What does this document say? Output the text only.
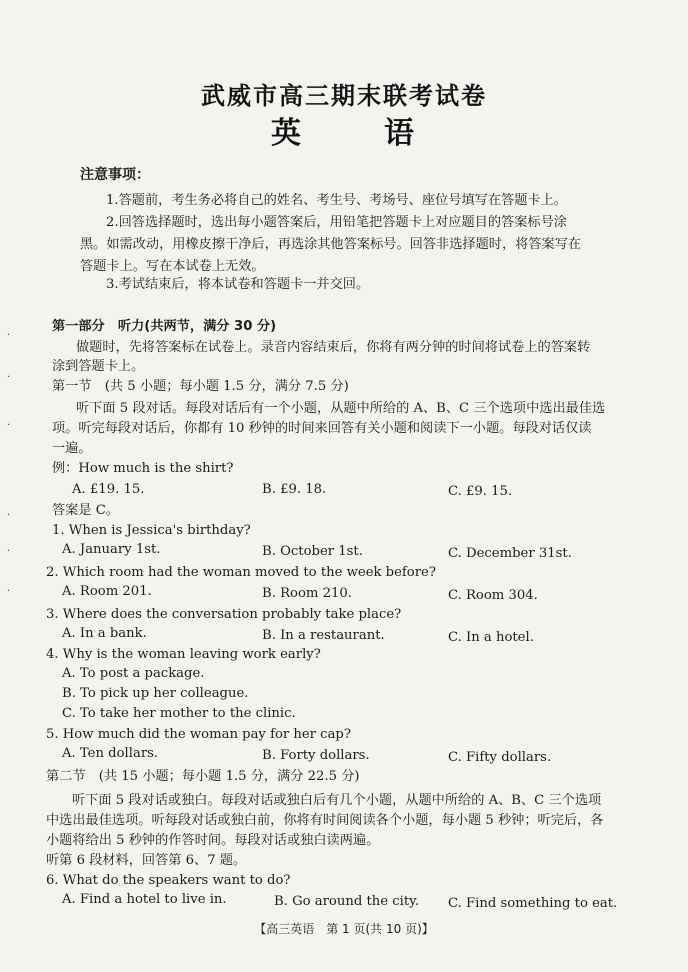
武威市高三期末联考试卷
英	语
注意事项：
1.答题前，考生务必将自己的姓名、考生号、考场号、座位号填写在答题卡上。
2.回答选择题时，选出每小题答案后，用铅笔把答题卡上对应题目的答案标号涂
黑。如需改动，用橡皮擦干净后，再选涂其他答案标号。回答非选择题时，将答案写在
答题卡上。写在本试卷上无效。
3.考试结束后，将本试卷和答题卡一并交回。
第一部分　听力(共两节，满分 30 分)
做题时，先将答案标在试卷上。录音内容结束后，你将有两分钟的时间将试卷上的答案转
涂到答题卡上。
第一节　(共 5 小题；每小题 1.5 分，满分 7.5 分)
听下面 5 段对话。每段对话后有一个小题，从题中所给的 A、B、C 三个选项中选出最佳选
项。听完每段对话后，你都有 10 秒钟的时间来回答有关小题和阅读下一小题。每段对话仅读
一遍。
例：How much is the shirt?
A. £19. 15.	B. £9. 18.	C. £9. 15.
答案是 C。
1. When is Jessica's birthday?
A. January 1st.	B. October 1st.	C. December 31st.
2. Which room had the woman moved to the week before?
A. Room 201.	B. Room 210.	C. Room 304.
3. Where does the conversation probably take place?
A. In a bank.	B. In a restaurant.	C. In a hotel.
4. Why is the woman leaving work early?
A. To post a package.
B. To pick up her colleague.
C. To take her mother to the clinic.
5. How much did the woman pay for her cap?
A. Ten dollars.	B. Forty dollars.	C. Fifty dollars.
第二节　(共 15 小题；每小题 1.5 分，满分 22.5 分)
听下面 5 段对话或独白。每段对话或独白后有几个小题，从题中所给的 A、B、C 三个选项
中选出最佳选项。听每段对话或独白前，你将有时间阅读各个小题，每小题 5 秒钟；听完后，各
小题将给出 5 秒钟的作答时间。每段对话或独白读两遍。
听第 6 段材料，回答第 6、7 题。
6. What do the speakers want to do?
A. Find a hotel to live in.	B. Go around the city. C. Find something to eat.
【高三英语　第 1 页(共 10 页)】
·
·
·
·
·
·
